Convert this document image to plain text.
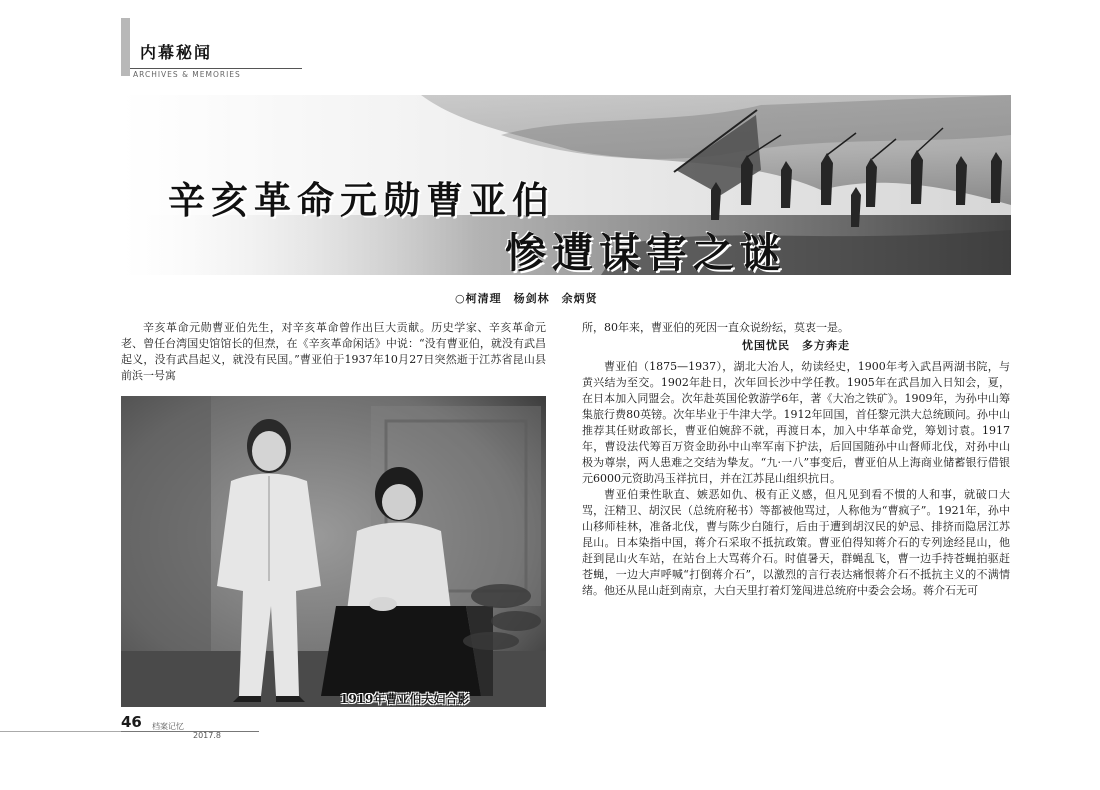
内幕秘闻
ARCHIVES & MEMORIES
辛亥革命元勋曹亚伯
惨遭谋害之谜
○柯清理　杨剑林　余炳贤

辛亥革命元勋曹亚伯先生，对辛亥革命曾作出巨大贡献。历史学家、辛亥革命元老、曾任台湾国史馆馆长的但焘，在《辛亥革命闲话》中说：“没有曹亚伯，就没有武昌起义，没有武昌起义，就没有民国。”曹亚伯于1937年10月27日突然逝于江苏省昆山县前浜一号寓

1919年曹亚伯夫妇合影

所，80年来，曹亚伯的死因一直众说纷纭，莫衷一是。

忧国忧民　多方奔走

曹亚伯（1875—1937），湖北大冶人，幼读经史，1900年考入武昌两湖书院，与黄兴结为至交。1902年赴日，次年回长沙中学任教。1905年在武昌加入日知会，夏，在日本加入同盟会。次年赴英国伦敦游学6年，著《大冶之铁矿》。1909年，为孙中山筹集旅行费80英镑。次年毕业于牛津大学。1912年回国，首任黎元洪大总统顾问。孙中山推荐其任财政部长，曹亚伯婉辞不就，再渡日本，加入中华革命党，筹划讨袁。1917年，曹设法代筹百万资金助孙中山率军南下护法，后回国随孙中山督师北伐，对孙中山极为尊崇，两人患难之交结为挚友。“九·一八”事变后，曹亚伯从上海商业储蓄银行借银元6000元资助冯玉祥抗日，并在江苏昆山组织抗日。

曹亚伯秉性耿直、嫉恶如仇、极有正义感，但凡见到看不惯的人和事，就破口大骂，汪精卫、胡汉民（总统府秘书）等都被他骂过，人称他为“曹疯子”。1921年，孙中山移师桂林，准备北伐，曹与陈少白随行，后由于遭到胡汉民的妒忌、排挤而隐居江苏昆山。日本染指中国，蒋介石采取不抵抗政策。曹亚伯得知蒋介石的专列途经昆山，他赶到昆山火车站，在站台上大骂蒋介石。时值暑天，群蝇乱飞，曹一边手持苍蝇拍驱赶苍蝇，一边大声呼喊“打倒蒋介石”，以激烈的言行表达痛恨蒋介石不抵抗主义的不满情绪。他还从昆山赶到南京，大白天里打着灯笼闯进总统府中委会会场。蒋介石无可

46 档案记忆
2017.8
